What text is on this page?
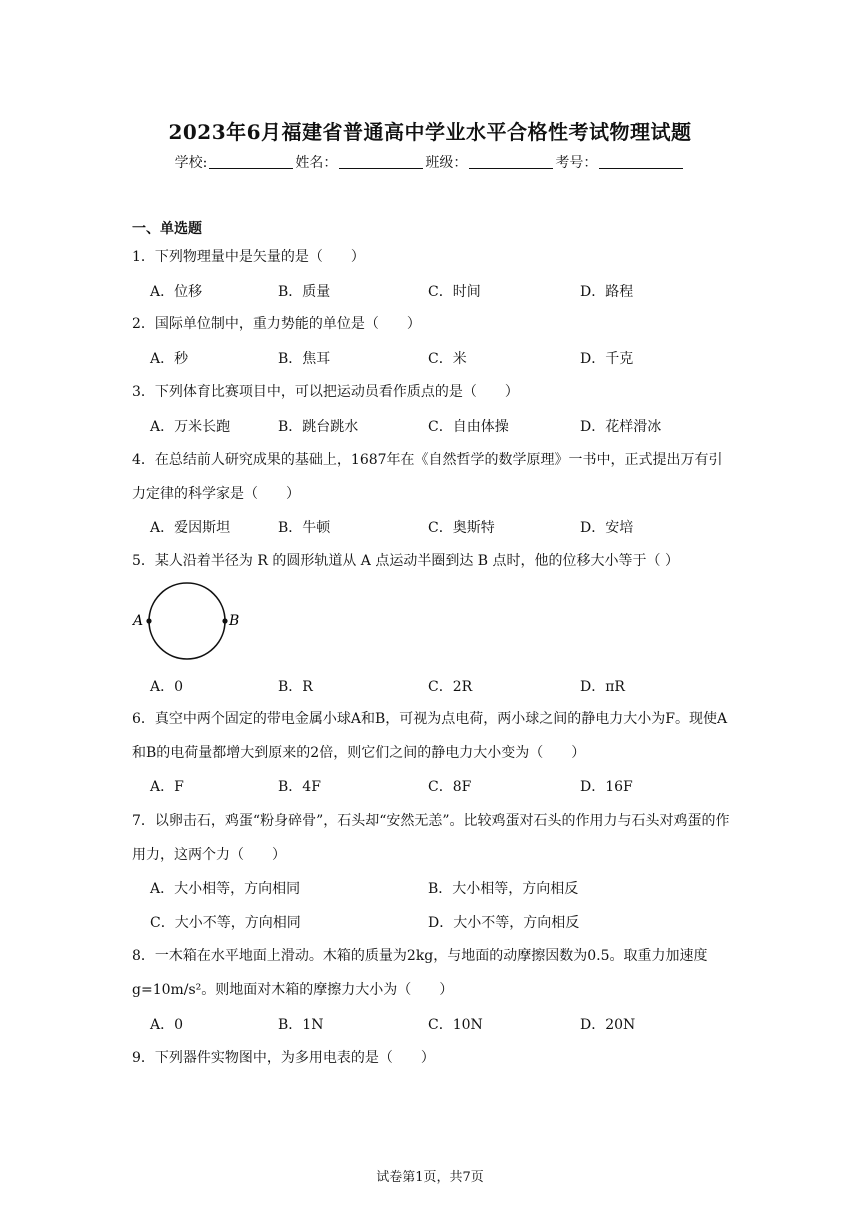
2023年6月福建省普通高中学业水平合格性考试物理试题
学校:	姓名：	班级：	考号：
一、单选题
1．下列物理量中是矢量的是（　　）
A．位移	B．质量	C．时间	D．路程
2．国际单位制中，重力势能的单位是（　　）
A．秒	B．焦耳	C．米	D．千克
3．下列体育比赛项目中，可以把运动员看作质点的是（　　）
A．万米长跑	B．跳台跳水	C．自由体操	D．花样滑冰
4．在总结前人研究成果的基础上，1687年在《自然哲学的数学原理》一书中，正式提出万有引力定律的科学家是（　　）
A．爱因斯坦	B．牛顿	C．奥斯特	D．安培
5．某人沿着半径为 R 的圆形轨道从 A 点运动半圈到达 B 点时，他的位移大小等于（ ）
A	B
A．0	B．R	C．2R	D．πR
6．真空中两个固定的带电金属小球A和B，可视为点电荷，两小球之间的静电力大小为F。现使A和B的电荷量都增大到原来的2倍，则它们之间的静电力大小变为（　　）
A．F	B．4F	C．8F	D．16F
7．以卵击石，鸡蛋“粉身碎骨”，石头却“安然无恙”。比较鸡蛋对石头的作用力与石头对鸡蛋的作用力，这两个力（　　）
A．大小相等，方向相同	B．大小相等，方向相反
C．大小不等，方向相同	D．大小不等，方向相反
8．一木箱在水平地面上滑动。木箱的质量为2kg，与地面的动摩擦因数为0.5。取重力加速度g=10m/s²。则地面对木箱的摩擦力大小为（　　）
A．0	B．1N	C．10N	D．20N
9．下列器件实物图中，为多用电表的是（　　）
试卷第1页，共7页
